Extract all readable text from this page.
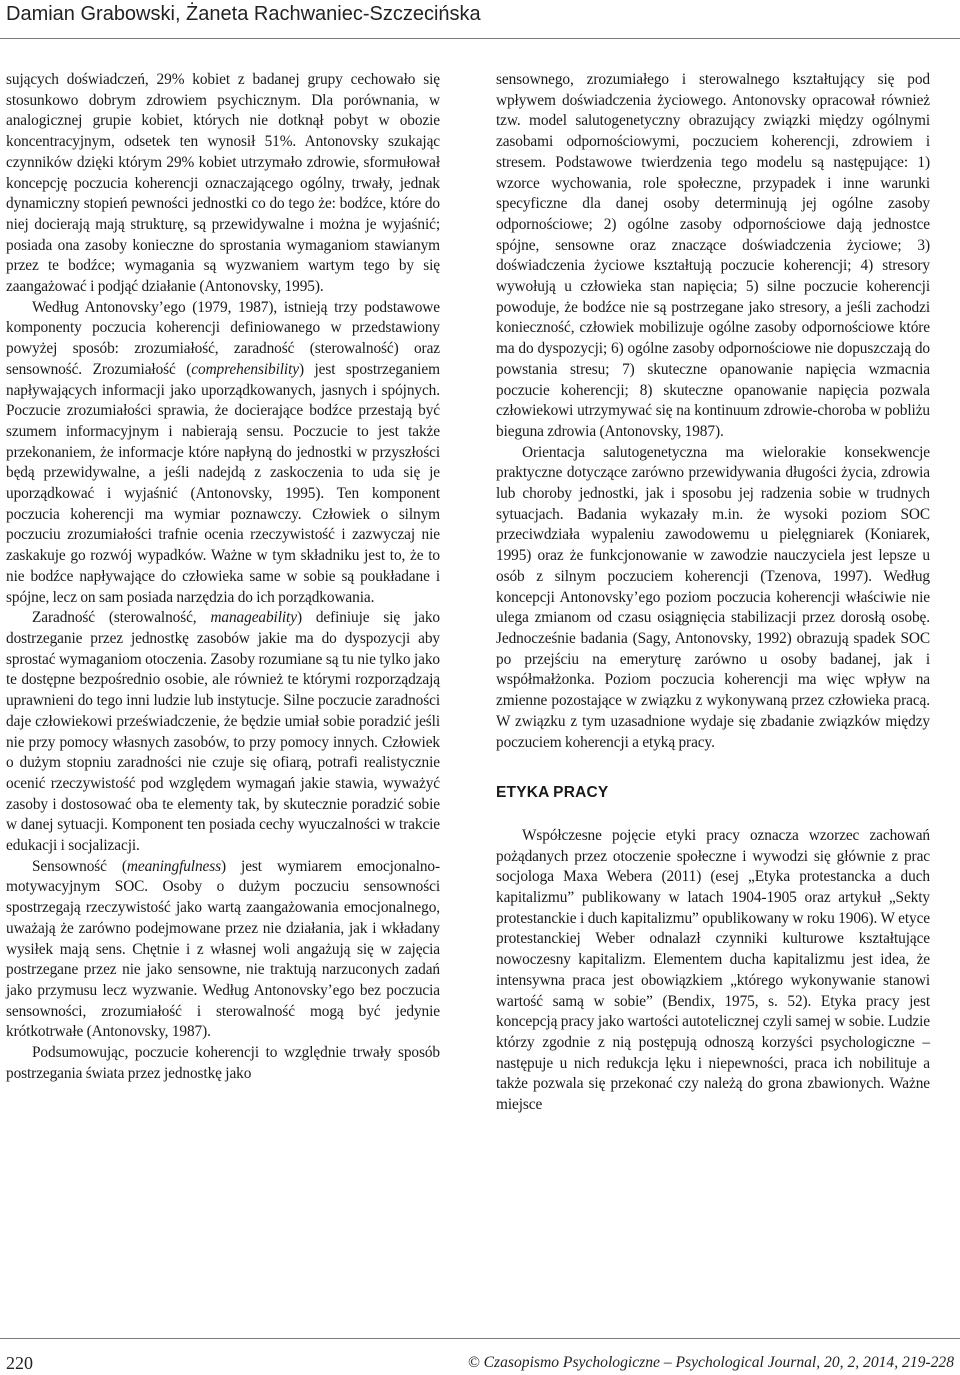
Damian Grabowski, Żaneta Rachwaniec-Szczecińska

sujących doświadczeń, 29% kobiet z badanej grupy cechowało się stosunkowo dobrym zdrowiem psychicznym. Dla porównania, w analogicznej grupie kobiet, których nie dotknął pobyt w obozie koncentracyjnym, odsetek ten wynosił 51%. Antonovsky szukając czynników dzięki którym 29% kobiet utrzymało zdrowie, sformułował koncepcję poczucia koherencji oznaczającego ogólny, trwały, jednak dynamiczny stopień pewności jednostki co do tego że: bodźce, które do niej docierają mają strukturę, są przewidywalne i można je wyjaśnić; posiada ona zasoby konieczne do sprostania wymaganiom stawianym przez te bodźce; wymagania są wyzwaniem wartym tego by się zaangażować i podjąć działanie (Antonovsky, 1995).

Według Antonovsky’ego (1979, 1987), istnieją trzy podstawowe komponenty poczucia koherencji definiowanego w przedstawiony powyżej sposób: zrozumiałość, zaradność (sterowalność) oraz sensowność. Zrozumiałość (comprehensibility) jest spostrzeganiem napływających informacji jako uporządkowanych, jasnych i spójnych. Poczucie zrozumiałości sprawia, że docierające bodźce przestają być szumem informacyjnym i nabierają sensu. Poczucie to jest także przekonaniem, że informacje które napłyną do jednostki w przyszłości będą przewidywalne, a jeśli nadejdą z zaskoczenia to uda się je uporządkować i wyjaśnić (Antonovsky, 1995). Ten komponent poczucia koherencji ma wymiar poznawczy. Człowiek o silnym poczuciu zrozumiałości trafnie ocenia rzeczywistość i zazwyczaj nie zaskakuje go rozwój wypadków. Ważne w tym składniku jest to, że to nie bodźce napływające do człowieka same w sobie są poukładane i spójne, lecz on sam posiada narzędzia do ich porządkowania.

Zaradność (sterowalność, manageability) definiuje się jako dostrzeganie przez jednostkę zasobów jakie ma do dyspozycji aby sprostać wymaganiom otoczenia. Zasoby rozumiane są tu nie tylko jako te dostępne bezpośrednio osobie, ale również te którymi rozporządzają uprawnieni do tego inni ludzie lub instytucje. Silne poczucie zaradności daje człowiekowi przeświadczenie, że będzie umiał sobie poradzić jeśli nie przy pomocy własnych zasobów, to przy pomocy innych. Człowiek o dużym stopniu zaradności nie czuje się ofiarą, potrafi realistycznie ocenić rzeczywistość pod względem wymagań jakie stawia, wyważyć zasoby i dostosować oba te elementy tak, by skutecznie poradzić sobie w danej sytuacji. Komponent ten posiada cechy wyuczalności w trakcie edukacji i socjalizacji.

Sensowność (meaningfulness) jest wymiarem emocjonalno-motywacyjnym SOC. Osoby o dużym poczuciu sensowności spostrzegają rzeczywistość jako wartą zaangażowania emocjonalnego, uważają że zarówno podejmowane przez nie działania, jak i wkładany wysiłek mają sens. Chętnie i z własnej woli angażują się w zajęcia postrzegane przez nie jako sensowne, nie traktują narzuconych zadań jako przymusu lecz wyzwanie. Według Antonovsky’ego bez poczucia sensowności, zrozumiałość i sterowalność mogą być jedynie krótkotrwałe (Antonovsky, 1987).

Podsumowując, poczucie koherencji to względnie trwały sposób postrzegania świata przez jednostkę jako

sensownego, zrozumiałego i sterowalnego kształtujący się pod wpływem doświadczenia życiowego. Antonovsky opracował również tzw. model salutogenetyczny obrazujący związki między ogólnymi zasobami odpornościowymi, poczuciem koherencji, zdrowiem i stresem. Podstawowe twierdzenia tego modelu są następujące: 1) wzorce wychowania, role społeczne, przypadek i inne warunki specyficzne dla danej osoby determinują jej ogólne zasoby odpornościowe; 2) ogólne zasoby odpornościowe dają jednostce spójne, sensowne oraz znaczące doświadczenia życiowe; 3) doświadczenia życiowe kształtują poczucie koherencji; 4) stresory wywołują u człowieka stan napięcia; 5) silne poczucie koherencji powoduje, że bodźce nie są postrzegane jako stresory, a jeśli zachodzi konieczność, człowiek mobilizuje ogólne zasoby odpornościowe które ma do dyspozycji; 6) ogólne zasoby odpornościowe nie dopuszczają do powstania stresu; 7) skuteczne opanowanie napięcia wzmacnia poczucie koherencji; 8) skuteczne opanowanie napięcia pozwala człowiekowi utrzymywać się na kontinuum zdrowie-choroba w pobliżu bieguna zdrowia (Antonovsky, 1987).

Orientacja salutogenetyczna ma wielorakie konsekwencje praktyczne dotyczące zarówno przewidywania długości życia, zdrowia lub choroby jednostki, jak i sposobu jej radzenia sobie w trudnych sytuacjach. Badania wykazały m.in. że wysoki poziom SOC przeciwdziała wypaleniu zawodowemu u pielęgniarek (Koniarek, 1995) oraz że funkcjonowanie w zawodzie nauczyciela jest lepsze u osób z silnym poczuciem koherencji (Tzenova, 1997). Według koncepcji Antonovsky’ego poziom poczucia koherencji właściwie nie ulega zmianom od czasu osiągnięcia stabilizacji przez dorosłą osobę. Jednocześnie badania (Sagy, Antonovsky, 1992) obrazują spadek SOC po przejściu na emeryturę zarówno u osoby badanej, jak i współmałżonka. Poziom poczucia koherencji ma więc wpływ na zmienne pozostające w związku z wykonywaną przez człowieka pracą. W związku z tym uzasadnione wydaje się zbadanie związków między poczuciem koherencji a etyką pracy.

ETYKA PRACY

Współczesne pojęcie etyki pracy oznacza wzorzec zachowań pożądanych przez otoczenie społeczne i wywodzi się głównie z prac socjologa Maxa Webera (2011) (esej „Etyka protestancka a duch kapitalizmu” publikowany w latach 1904-1905 oraz artykuł „Sekty protestanckie i duch kapitalizmu” opublikowany w roku 1906). W etyce protestanckiej Weber odnalazł czynniki kulturowe kształtujące nowoczesny kapitalizm. Elementem ducha kapitalizmu jest idea, że intensywna praca jest obowiązkiem „którego wykonywanie stanowi wartość samą w sobie” (Bendix, 1975, s. 52). Etyka pracy jest koncepcją pracy jako wartości autotelicznej czyli samej w sobie. Ludzie którzy zgodnie z nią postępują odnoszą korzyści psychologiczne – następuje u nich redukcja lęku i niepewności, praca ich nobilituje a także pozwala się przekonać czy należą do grona zbawionych. Ważne miejsce

220	© Czasopismo Psychologiczne – Psychological Journal, 20, 2, 2014, 219-228
